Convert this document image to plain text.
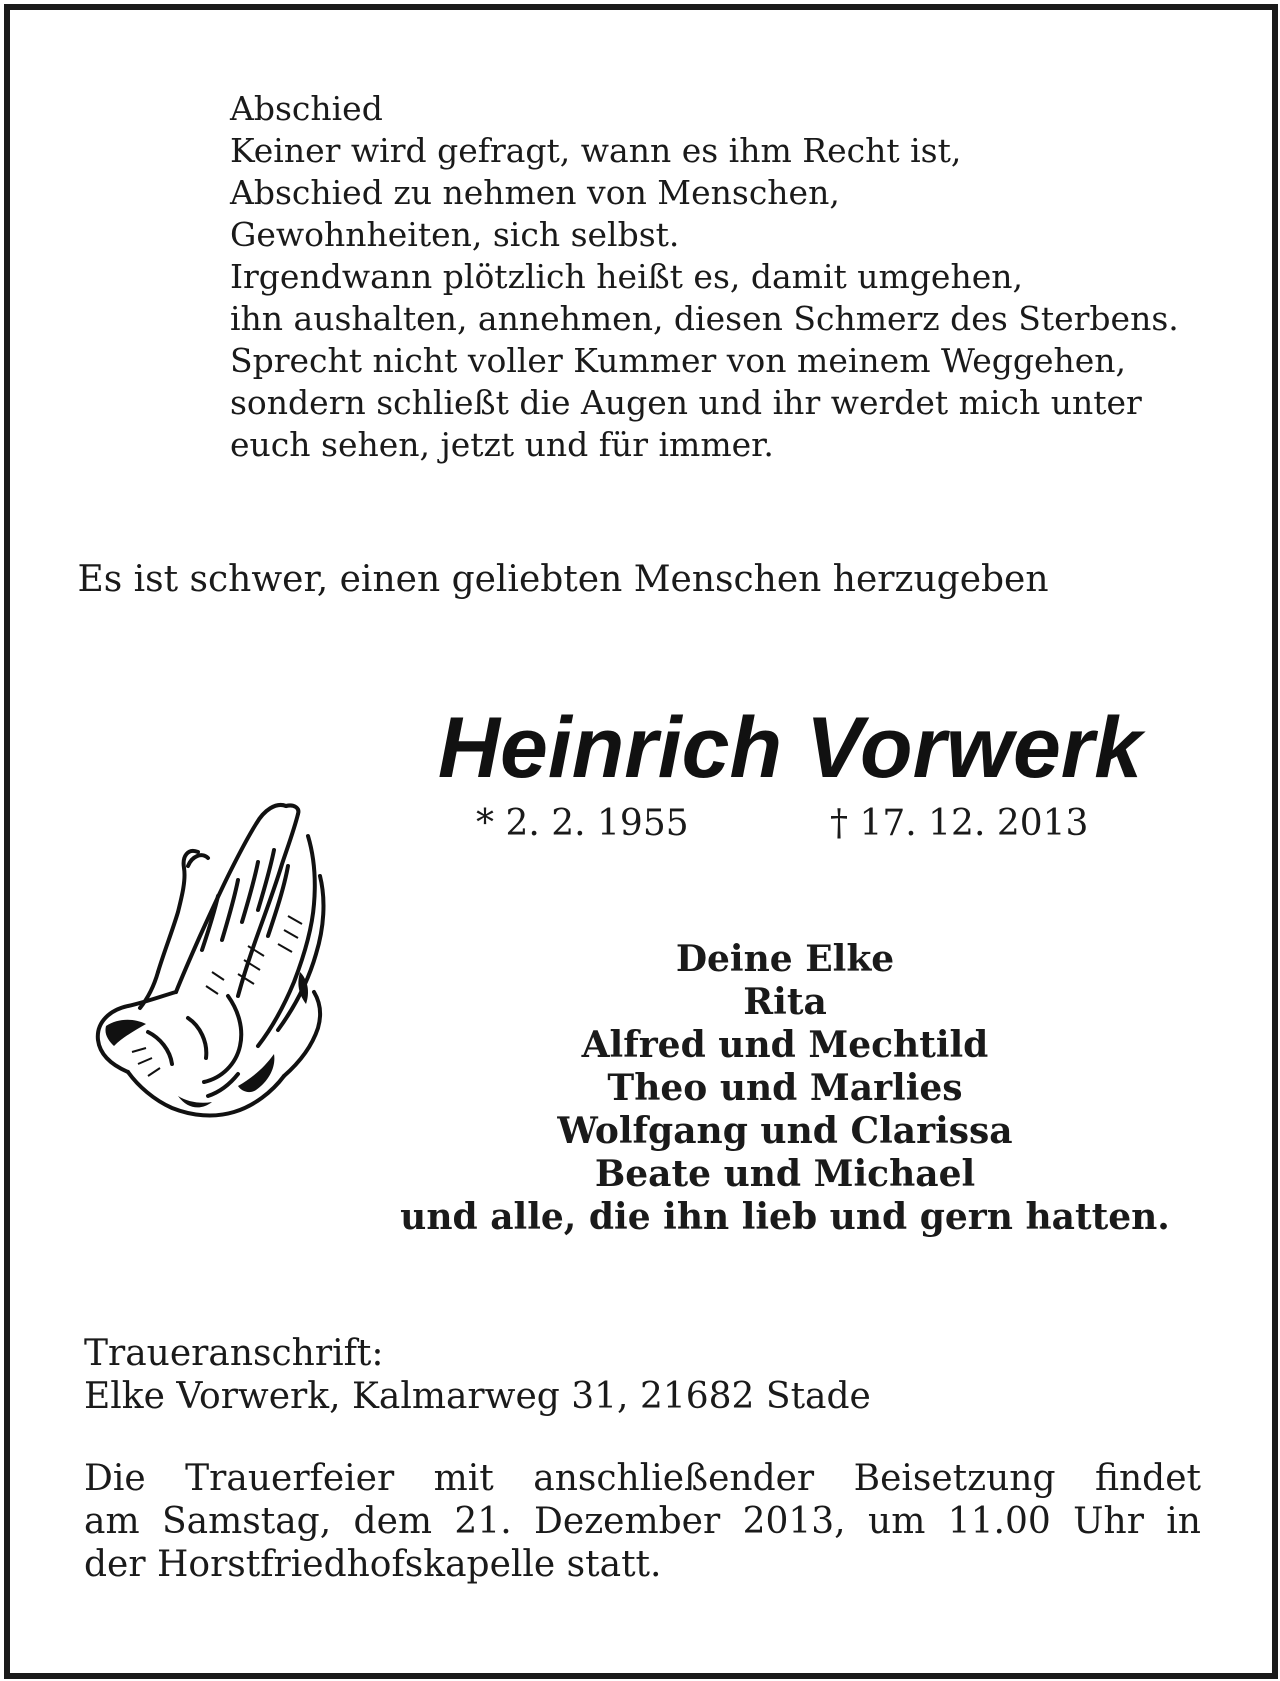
Abschied
Keiner wird gefragt, wann es ihm Recht ist,
Abschied zu nehmen von Menschen,
Gewohnheiten, sich selbst.
Irgendwann plötzlich heißt es, damit umgehen,
ihn aushalten, annehmen, diesen Schmerz des Sterbens.
Sprecht nicht voller Kummer von meinem Weggehen,
sondern schließt die Augen und ihr werdet mich unter
euch sehen, jetzt und für immer.
Es ist schwer, einen geliebten Menschen herzugeben
Heinrich Vorwerk
* 2. 2. 1955	† 17. 12. 2013
Deine Elke
Rita
Alfred und Mechtild
Theo und Marlies
Wolfgang und Clarissa
Beate und Michael
und alle, die ihn lieb und gern hatten.
Traueranschrift:
Elke Vorwerk, Kalmarweg 31, 21682 Stade
Die Trauerfeier mit anschließender Beisetzung findet
am Samstag, dem 21. Dezember 2013, um 11.00 Uhr in
der Horstfriedhofskapelle statt.
